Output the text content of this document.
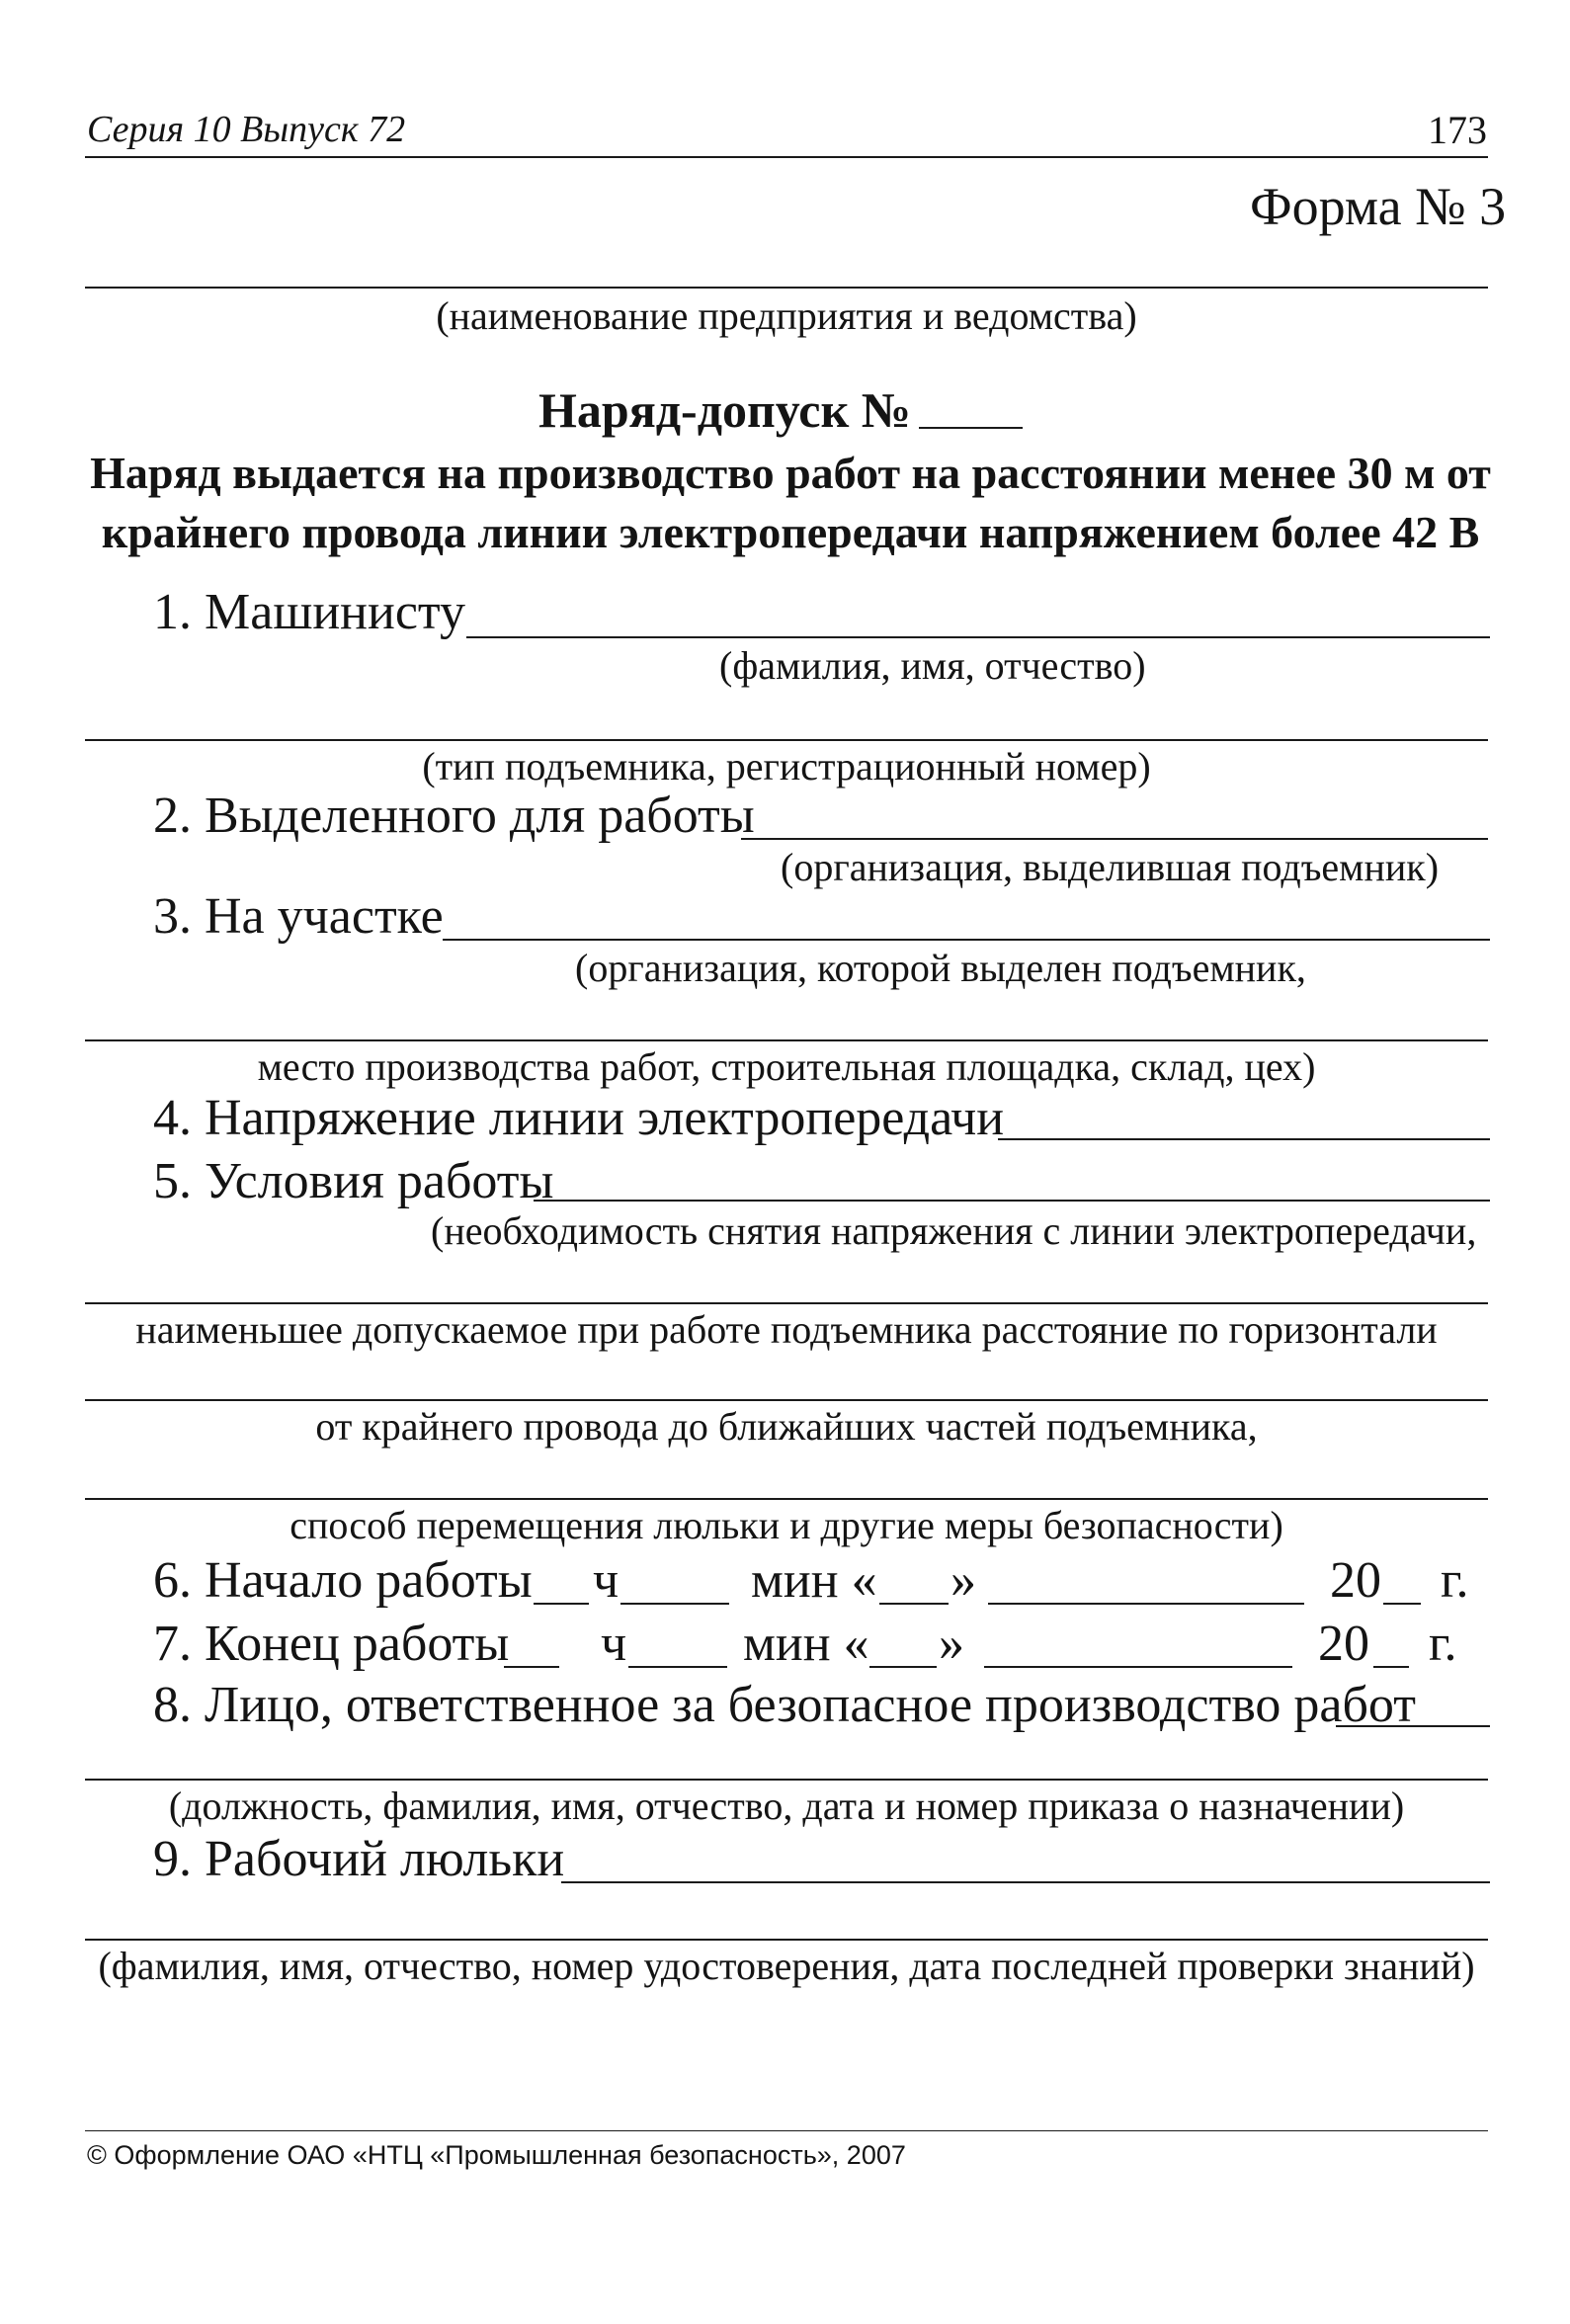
Серия 10 Выпуск 72	173
Форма № 3
(наименование предприятия и ведомства)
Наряд-допуск №
Наряд выдается на производство работ на расстоянии менее 30 м от
крайнего провода линии электропередачи напряжением более 42 В
1. Машинисту
(фамилия, имя, отчество)
(тип подъемника, регистрационный номер)
2. Выделенного для работы
(организация, выделившая подъемник)
3. На участке
(организация, которой выделен подъемник,
место производства работ, строительная площадка, склад, цех)
4. Напряжение линии электропередачи
5. Условия работы
(необходимость снятия напряжения с линии электропередачи,
наименьшее допускаемое при работе подъемника расстояние по горизонтали
от крайнего провода до ближайших частей подъемника,
способ перемещения люльки и другие меры безопасности)
6. Начало работы ч	мин « »	20 г.
7. Конец работы ч мин « »	20 г.
8. Лицо, ответственное за безопасное производство работ
(должность, фамилия, имя, отчество, дата и номер приказа о назначении)
9. Рабочий люльки
(фамилия, имя, отчество, номер удостоверения, дата последней проверки знаний)
© Оформление ОАО «НТЦ «Промышленная безопасность», 2007
